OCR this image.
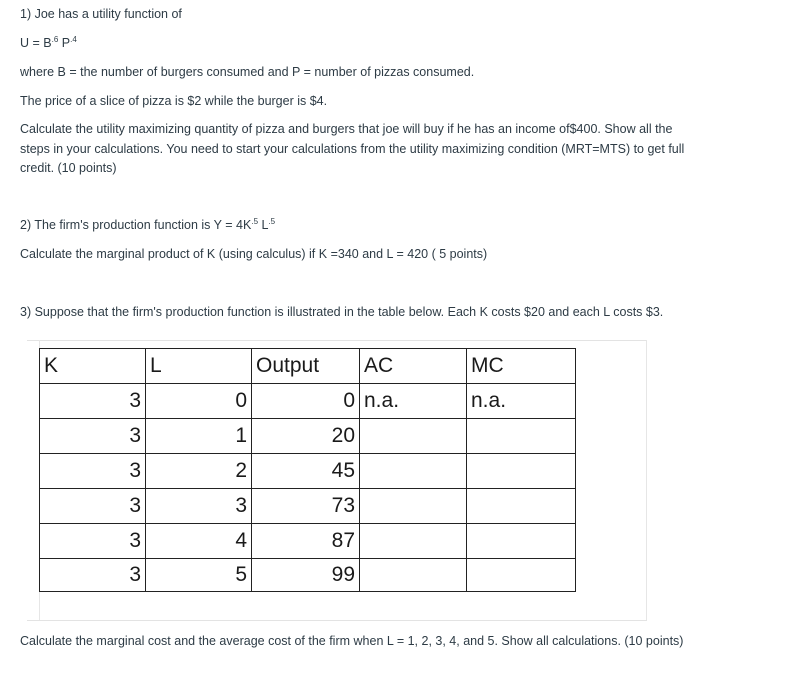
1) Joe has a utility function of

$U = B^{.6}$ $P^{.4}$

where B = the number of burgers consumed and P = number of pizzas consumed.

The price of a slice of pizza is $2 while the burger is $4.

Calculate the utility maximizing quantity of pizza and burgers that joe will buy if he has an income of$400. Show all the steps in your calculations. You need to start your calculations from the utility maximizing condition (MRT=MTS) to get full credit. (10 points)

2) The firm's production function is $Y = 4K^{.5}$ $L^{.5}$

Calculate the marginal product of K (using calculus) if K =340 and L = 420 ( 5 points)

3) Suppose that the firm's production function is illustrated in the table below. Each K costs $20 and each L costs $3.

K	L	Output	AC	MC
3	0	0	n.a.	n.a.
3	1	20		
3	2	45		
3	3	73		
3	4	87		
3	5	99		

Calculate the marginal cost and the average cost of the firm when L = 1, 2, 3, 4, and 5. Show all calculations. (10 points)
